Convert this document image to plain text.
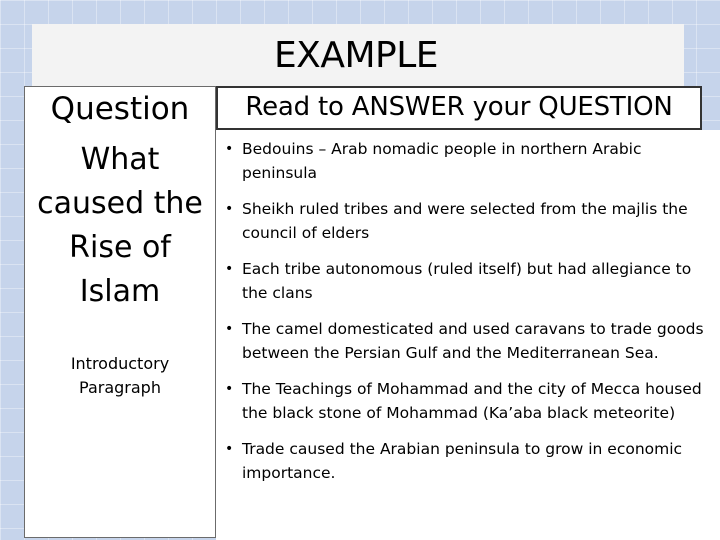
EXAMPLE
Question
What
caused the
Rise of
Islam
Introductory
Paragraph
Read to ANSWER your QUESTION
• Bedouins – Arab nomadic people in northern Arabic peninsula
• Sheikh ruled tribes and were selected from the majlis the council of elders
• Each tribe autonomous (ruled itself) but had allegiance to the clans
• The camel domesticated and used caravans to trade goods between the Persian Gulf and the Mediterranean Sea.
• The Teachings of Mohammad and the city of Mecca housed the black stone of Mohammad (Ka’aba black meteorite)
• Trade caused the Arabian peninsula to grow in economic importance.
